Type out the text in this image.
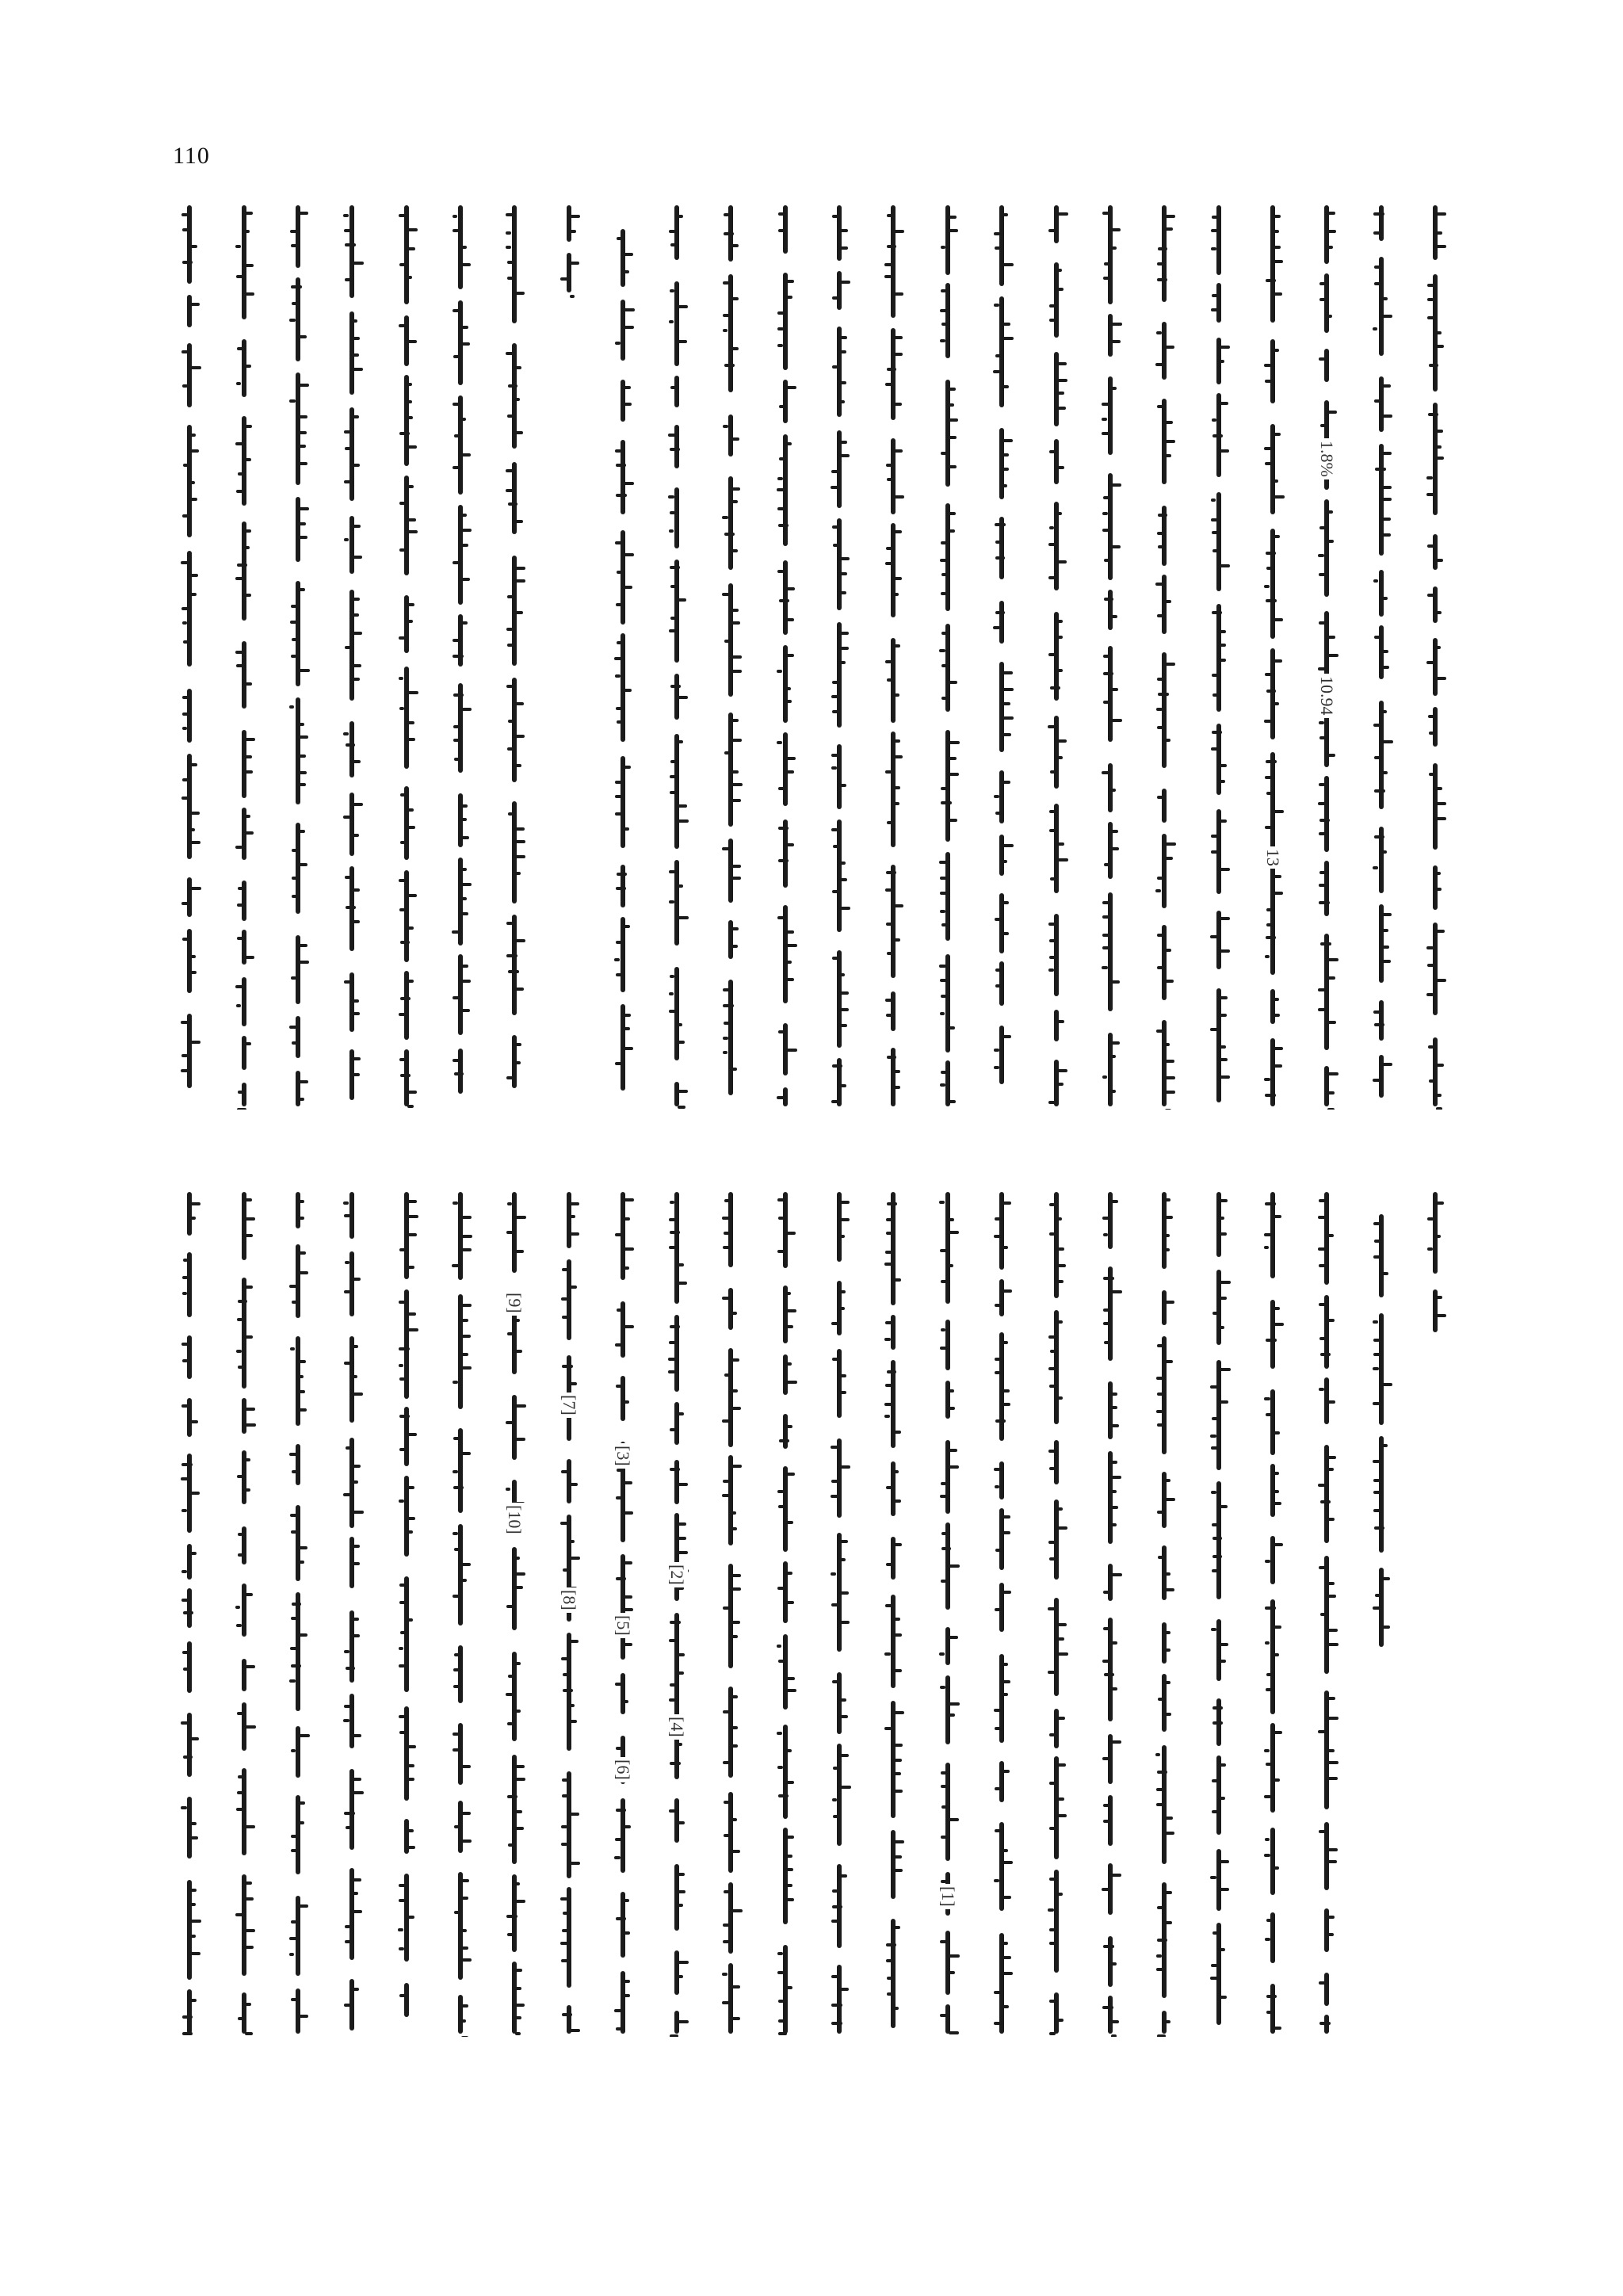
110
13
10.94
1.8%
[9]
[10]
[7]
[8]
[3]
[5]
[6]
[2]
[4]
[1]
